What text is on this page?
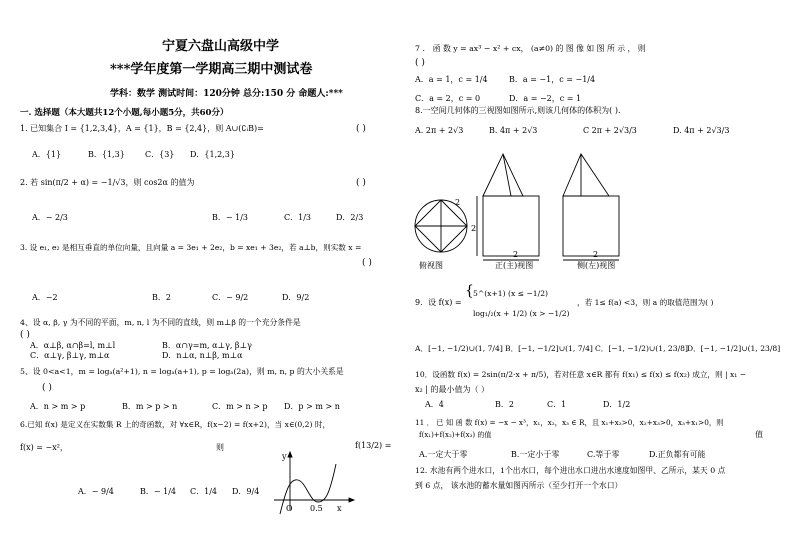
宁夏六盘山高级中学
***学年度第一学期高三期中测试卷
学科：数学 测试时间：120分钟 总分:150 分 命题人:***
一. 选择题（本大题共12个小题,每小题5分，共60分）
1. 已知集合 I = {1,2,3,4}，A = {1}，B = {2,4}，则 A∪(∁ᵢB)=	( )
A．{1}	B．{1,3}	C．{3} D．{1,2,3}
2. 若 sin(π/2 + α) = −1/√3，则 cos2α 的值为	( )
A．− 2/3	B．− 1/3	C．1/3	D．2/3
3. 设 e₁, e₂ 是相互垂直的单位向量，且向量 a = 3e₁ + 2e₂，b = xe₁ + 3e₂，若 a⊥b，则实数 x =
( )
A．−2	B．2	C．− 9/2	D．9/2
4、设 α, β, γ 为不同的平面，m, n, l 为不同的直线，则 m⊥β 的一个充分条件是
( )
A．α⊥β, α∩β=l, m⊥l	B．α∩γ=m, α⊥γ, β⊥γ
C．α⊥γ, β⊥γ, m⊥α	D．n⊥α, n⊥β, m⊥α
5、设 0<a<1，m = logₐ(a²+1), n = logₐ(a+1), p = logₐ(2a)，则 m, n, p 的大小关系是
( )
A．n > m > p	B．m > p > n	C．m > n > p D．p > m > n
6.已知 f(x) 是定义在实数集 R 上的奇函数，对 ∀x∈R，f(x−2) = f(x+2)，当 x∈(0,2) 时，
f(x) = −x²，	则	f(13/2) =
A．− 9/4	B．− 1/4 C．1/4 D．9/4
y
x
O 0.5
7 ． 函 数 y = ax³ − x² + cx， (a≠0) 的 图 像 如 图 所 示 ， 则
( )
A．a = 1，c = 1/4	B．a = −1，c = −1/4
C．a = 2，c = 0	D．a = −2，c = 1
8.一空间几何体的三视图如图所示,则该几何体的体积为( ).
A. 2π + 2√3	B. 4π + 2√3	C 2π + 2√3/3	D. 4π + 2√3/3
2
2
2	2
俯视图	正(主)视图	侧(左)视图
9．设 f(x) =
{ 5^(x+1) (x ≤ −1/2)
log₁/₂(x + 1/2) (x > −1/2)
，若 1≤ f(a) <3，则 a 的取值范围为( )
A．[−1, −1/2)∪(1, 7/4] B．[−1, −1/2]∪(1, 7/4] C．[−1, −1/2)∪(1, 23/8] D．[−1, −1/2]∪(1, 23/8]
10．设函数 f(x) = 2sin(π/2·x + π/5)，若对任意 x∈R 都有 f(x₁) ≤ f(x) ≤ f(x₂) 成立，则 | x₁ −
x₂ | 的最小值为（ ）
A．4	B．2	C．1	D．1/2
11 ． 已 知 函 数 f(x) = −x − x³，x₁，x₂，x₃ ∈ R，且 x₁+x₂>0，x₂+x₃>0，x₃+x₁>0，则
f(x₁)+f(x₂)+f(x₃) 的值	值
A.一定大于零	B.一定小于零	C.等于零	D.正负都有可能
12. 水池有两个进水口，1个出水口，每个进出水口进出水速度如图甲、乙所示，某天 0 点
到 6 点， 该水池的蓄水量如图丙所示（至少打开一个水口）
